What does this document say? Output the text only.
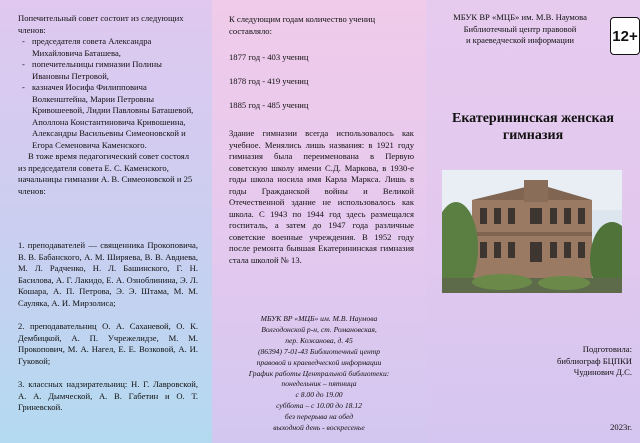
Попечительный совет состоит из следующих членов:

- председателя совета Александра Михайловича Баташева,
- попечительницы гимназии Полины Ивановны Петровой,
- казначея Иосифа Филипповича Волкенштейна, Марии Петровны Кривошеевой, Лидии Павловны Баташевой, Аполлона Константиновича Кривошеина, Александры Васильевны Симеоновской и Егора Семеновича Каменского.

В тоже время педагогический совет состоял из председателя совета Е. С. Каменского, начальницы гимназии А. В. Симеоновской и 25 членов:

1. преподавателей — священника Прокоповича, В. В. Бабанского, А. М. Ширяева, В. В. Авдиева, М. Л. Радченко, Н. Л. Башинского, Г. Н. Басилова, А. Г. Лакидо, Е. А. Озноблинина, Э. Л. Кошара, А. П. Петрова, Э. Э. Штама, М. М. Сауляка, А. И. Мирзолиса;

2. преподавательниц О. А. Саханевой, О. К. Дембицкой, А. П. Учрежелидзе, М. М. Прокопович, М. А. Нагел, Е. Е. Возковой, А. И. Гуковой;

3. классных надзирательниц: Н. Г. Лавровской, А. А. Дымческой, А. В. Габетин и О. Т. Гриневской.

К следующим годам количество учениц составляло:
1877 год - 403 учениц
1878 год - 419 учениц
1885 год - 485 учениц
Здание гимназии всегда использовалось как учебное. Менялись лишь названия: в 1921 году гимназия была переименована в Первую советскую школу имени С.Д. Маркова, в 1930-е годы школа носила имя Карла Маркса. Лишь в годы Гражданской войны и Великой Отечественной здание не использовалось как школа. С 1943 по 1944 год здесь размещался госпиталь, а затем до 1947 года различные советские военные учреждения. В 1952 году после ремонта бывшая Екатерининская гимназия стала школой № 13.
МБУК ВР «МЦБ» им. М.В. Наумова
Волгодонской р-н, ст. Романовская,
пер. Кожанова, д. 45
(86394) 7-01-43 Библиотечный центр
правовой и краеведческой информации
График работы Центральной библиотеки:
понедельник – пятница
с 8.00 до 19.00
суббота – с 10.00 до 18.12
без перерыва на обед
выходной день - воскресенье
МБУК ВР «МЦБ» им. М.В. Наумова
Библиотечный центр правовой
и краеведческой информации	12+
Екатерининская женская
гимназия
Подготовила:
библиограф БЦПКИ
Чудинович Д.С.
2023г.
